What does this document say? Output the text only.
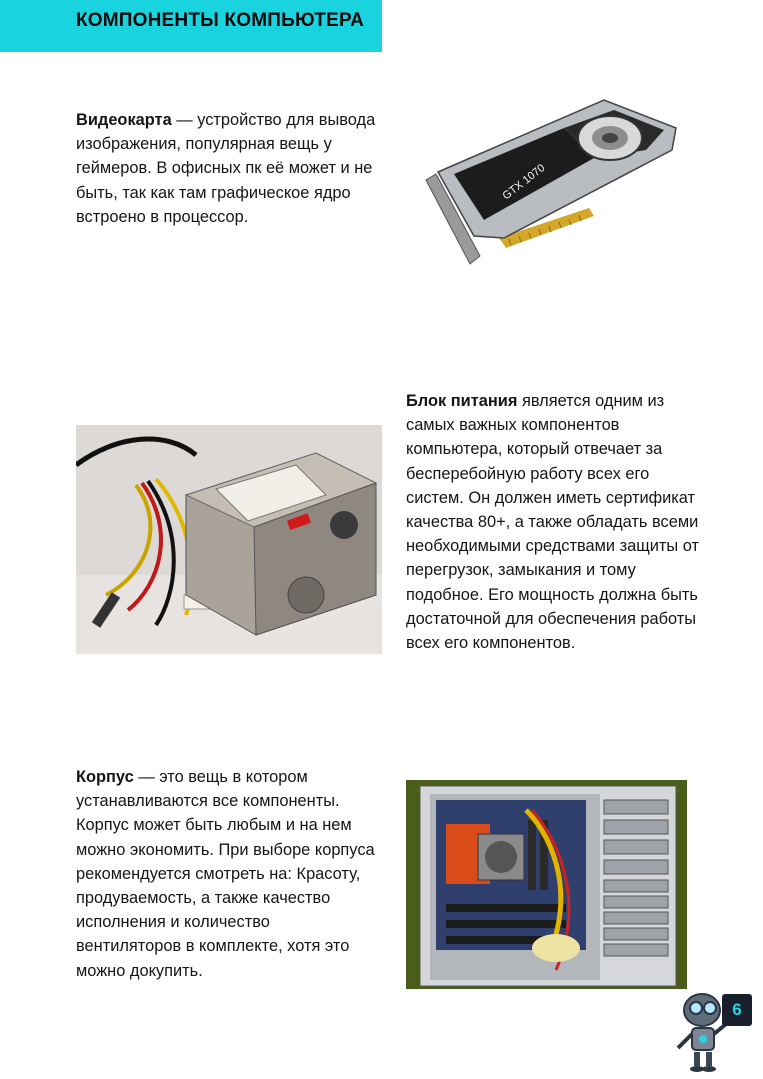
КОМПОНЕНТЫ КОМПЬЮТЕРА
Видеокарта — устройство для вывода изображения, популярная вещь у геймеров. В офисных пк её может и не быть, так как там графическое ядро встроено в процессор.
GTX 1070
Блок питания является одним из самых важных компонентов компьютера, который отвечает за бесперебойную работу всех его систем. Он должен иметь сертификат качества 80+, а также обладать всеми необходимыми средствами защиты от перегрузок, замыкания и тому подобное. Его мощность должна быть достаточной для обеспечения работы всех его компонентов.
Корпус — это вещь в котором устанавливаются все компоненты. Корпус может быть любым и на нем можно экономить. При выборе корпуса рекомендуется смотреть на: Красоту, продуваемость, а также качество исполнения и количество вентиляторов в комплекте, хотя это можно докупить.
6
